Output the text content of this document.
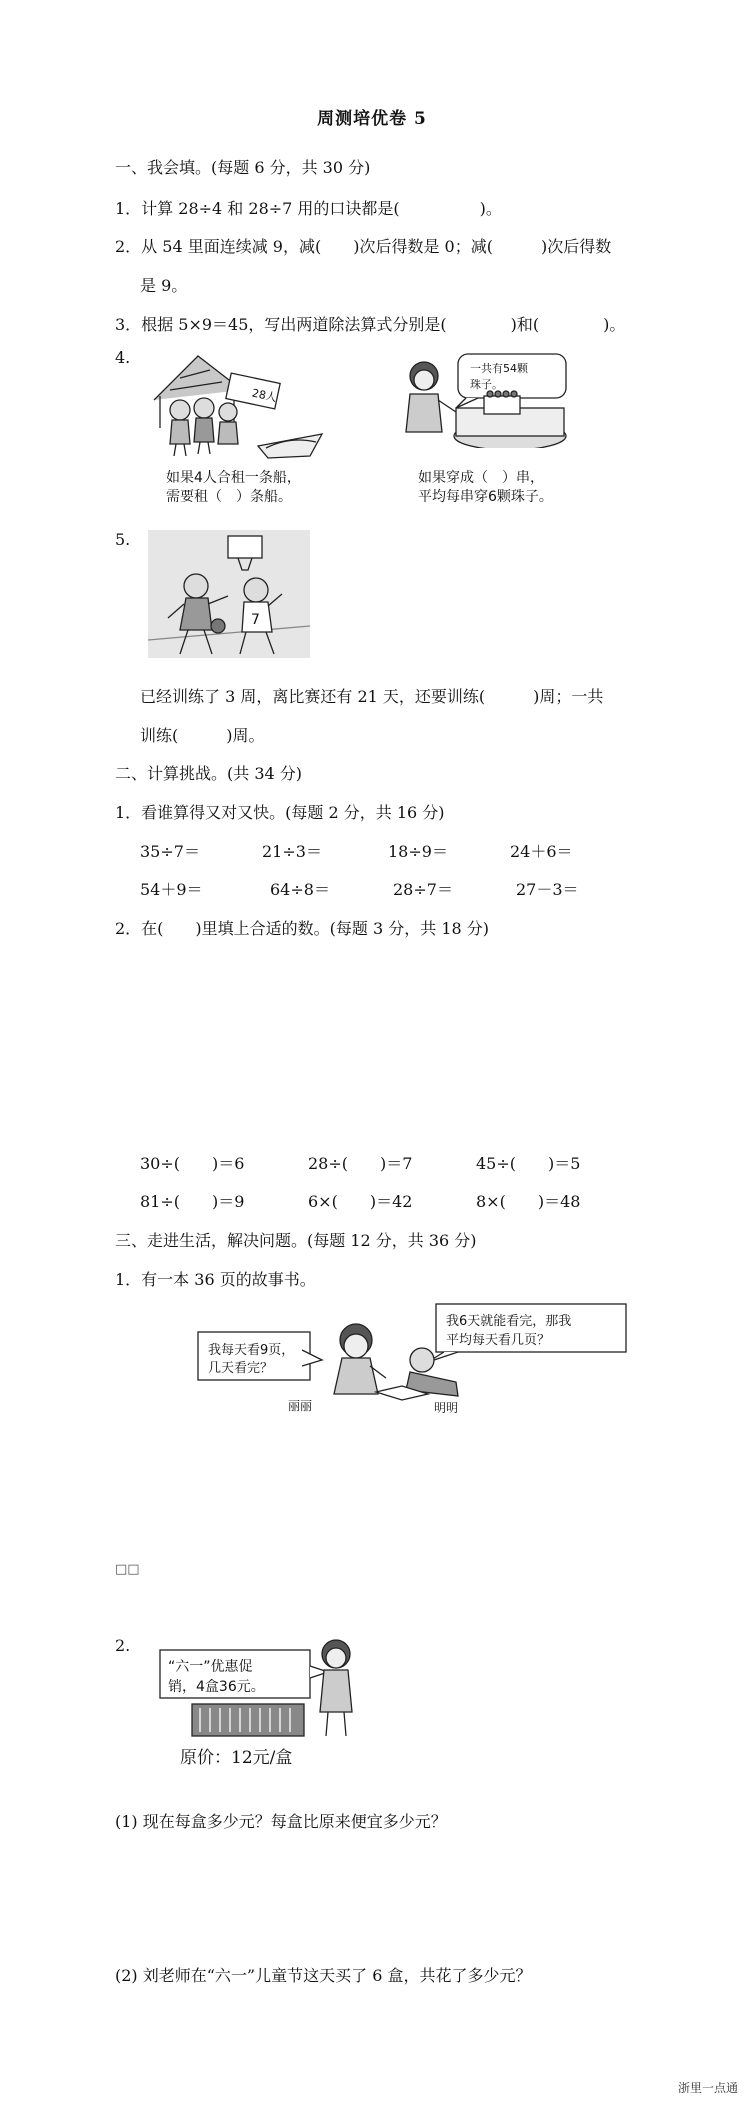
周测培优卷 5
一、我会填。(每题 6 分，共 30 分)
1．计算 28÷4 和 28÷7 用的口诀都是(　　　　　)。
2．从 54 里面连续减 9，减(　　)次后得数是 0；减(　　　)次后得数
是 9。
3．根据 5×9＝45，写出两道除法算式分别是(　　　　)和(　　　　)。
4.
28人
如果4人合租一条船，
需要租（　）条船。
一共有54颗
珠子。
如果穿成（　）串，
平均每串穿6颗珠子。
5.
7
已经训练了 3 周，离比赛还有 21 天，还要训练(　　　)周；一共
训练(　　　)周。
二、计算挑战。(共 34 分)
1．看谁算得又对又快。(每题 2 分，共 16 分)
35÷7＝	21÷3＝	18÷9＝	24＋6＝
54＋9＝	64÷8＝	28÷7＝	27－3＝
2．在(　　)里填上合适的数。(每题 3 分，共 18 分)
30÷(　　)＝6	28÷(　　)＝7	45÷(　　)＝5
81÷(　　)＝9	6×(　　)＝42	8×(　　)＝48
三、走进生活，解决问题。(每题 12 分，共 36 分)
1．有一本 36 页的故事书。
我每天看9页，
几天看完？
我6天就能看完，那我
平均每天看几页？
丽丽	明明
□□
2.
“六一”优惠促
销，4盒36元。
原价：12元/盒
(1) 现在每盒多少元？每盒比原来便宜多少元？
(2) 刘老师在“六一”儿童节这天买了 6 盒，共花了多少元？
浙里一点通
